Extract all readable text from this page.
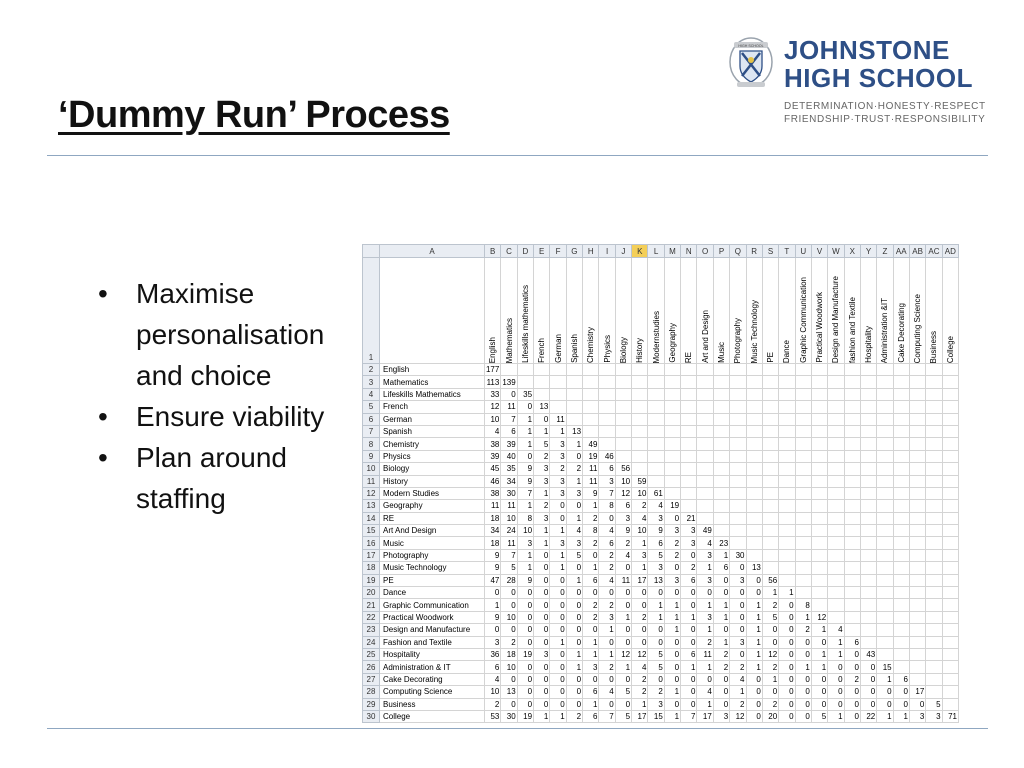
‘Dummy Run’ Process
HIGH SCHOOL JOHNSTONE
HIGH SCHOOL
DETERMINATION·HONESTY·RESPECT
FRIENDSHIP·TRUST·RESPONSIBILITY
• Maximise personalisation and choice
• Ensure viability
• Plan around staffing
	A	B	C	D	E	F	G	H	I	J	K	L	M	N	O	P	Q	R	S	T	U	V	W	X	Y	Z	AA	AB	AC	AD
1		English	Mathematics	Lifeskills mathematics	French	German	Spanish	Chemistry	Physics	Biology	History	Modernstudies	Geography	RE	Art and Design	Music	Photography	Music Technology	PE	Dance	Graphic Communication	Practical Woodwork	Design and Manufacture	fashion and Textile	Hospitality	Administration &IT	Cake Decorating	Computing Science	Business	College

2	English	177																												
3	Mathematics	113	139																											
4	Lifeskills Mathematics	33	0	35																										
5	French	12	11	0	13																									
6	German	10	7	1	0	11																								
7	Spanish	4	6	1	1	1	13																							
8	Chemistry	38	39	1	5	3	1	49																						
9	Physics	39	40	0	2	3	0	19	46																					
10	Biology	45	35	9	3	2	2	11	6	56																				
11	History	46	34	9	3	3	1	11	3	10	59																			
12	Modern Studies	38	30	7	1	3	3	9	7	12	10	61																		
13	Geography	11	11	1	2	0	0	1	8	6	2	4	19																	
14	RE	18	10	8	3	0	1	2	0	3	4	3	0	21																
15	Art And Design	34	24	10	1	1	4	8	4	9	10	9	3	3	49															
16	Music	18	11	3	1	3	3	2	6	2	1	6	2	3	4	23														
17	Photography	9	7	1	0	1	5	0	2	4	3	5	2	0	3	1	30													
18	Music Technology	9	5	1	0	1	0	1	2	0	1	3	0	2	1	6	0	13												
19	PE	47	28	9	0	0	1	6	4	11	17	13	3	6	3	0	3	0	56											
20	Dance	0	0	0	0	0	0	0	0	0	0	0	0	0	0	0	0	0	1	1										
21	Graphic Communication	1	0	0	0	0	0	2	2	0	0	1	1	0	1	1	0	1	2	0	8									
22	Practical Woodwork	9	10	0	0	0	0	2	3	1	2	1	1	1	3	1	0	1	5	0	1	12								
23	Design and Manufacture	0	0	0	0	0	0	0	1	0	0	0	1	0	1	0	0	1	0	0	2	1	4							
24	Fashion and Textile	3	2	0	0	1	0	1	0	0	0	0	0	0	2	1	3	1	0	0	0	0	1	6						
25	Hospitality	36	18	19	3	0	1	1	1	12	12	5	0	6	11	2	0	1	12	0	0	1	1	0	43					
26	Administration & IT	6	10	0	0	0	1	3	2	1	4	5	0	1	1	2	2	1	2	0	1	1	0	0	0	15				
27	Cake Decorating	4	0	0	0	0	0	0	0	0	2	0	0	0	0	0	4	0	1	0	0	0	0	2	0	1	6			
28	Computing Science	10	13	0	0	0	0	6	4	5	2	2	1	0	4	0	1	0	0	0	0	0	0	0	0	0	0	17		
29	Business	2	0	0	0	0	0	1	0	0	1	3	0	0	1	0	2	0	2	0	0	0	0	0	0	0	0	0	5	
30	College	53	30	19	1	1	2	6	7	5	17	15	1	7	17	3	12	0	20	0	0	5	1	0	22	1	1	3	3	71
